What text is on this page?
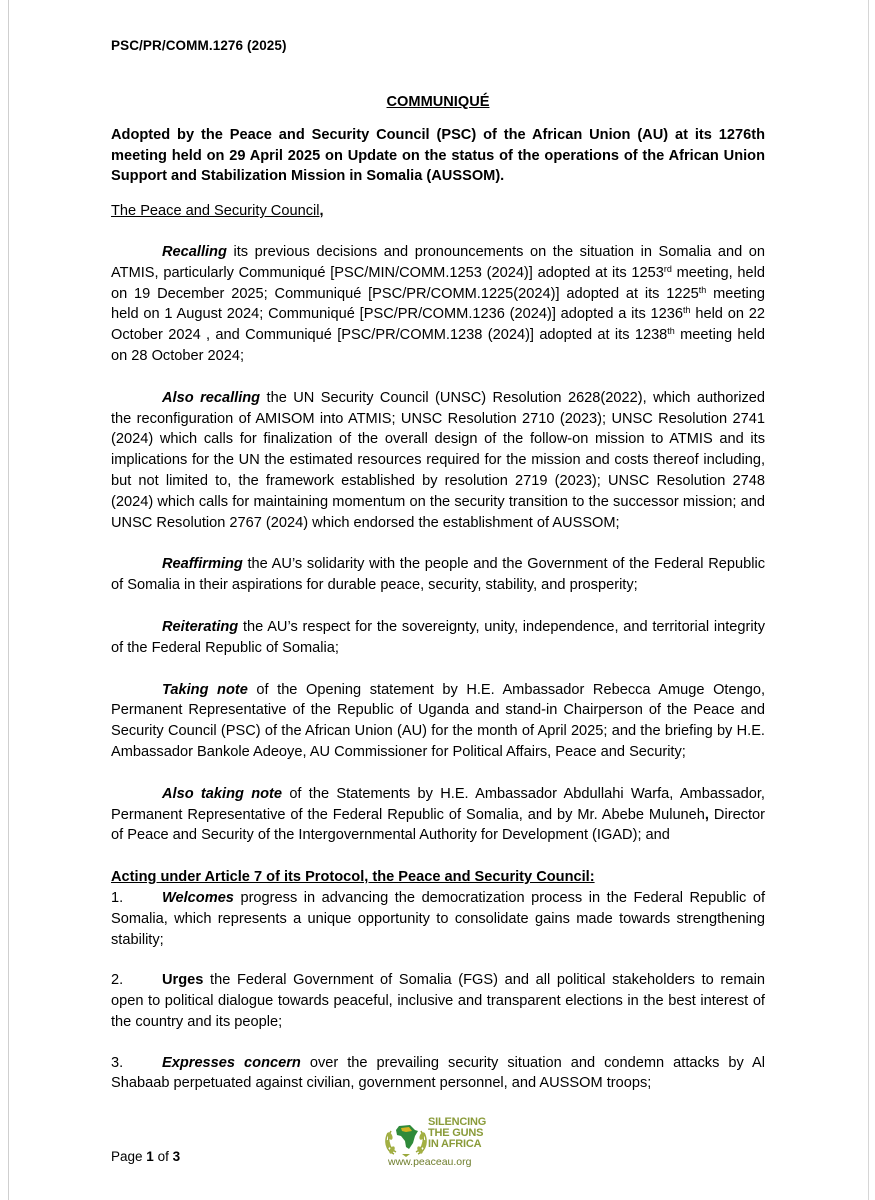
PSC/PR/COMM.1276 (2025)
COMMUNIQUÉ
Adopted by the Peace and Security Council (PSC) of the African Union (AU) at its 1276th meeting held on 29 April 2025 on Update on the status of the operations of the African Union Support and Stabilization Mission in Somalia (AUSSOM).
The Peace and Security Council,

Recalling its previous decisions and pronouncements on the situation in Somalia and on ATMIS, particularly Communiqué [PSC/MIN/COMM.1253 (2024)] adopted at its 1253rd meeting, held on 19 December 2025; Communiqué [PSC/PR/COMM.1225(2024)] adopted at its 1225th meeting held on 1 August 2024; Communiqué [PSC/PR/COMM.1236 (2024)] adopted a its 1236th held on 22 October 2024 , and Communiqué [PSC/PR/COMM.1238 (2024)] adopted at its 1238th meeting held on 28 October 2024;

Also recalling the UN Security Council (UNSC) Resolution 2628(2022), which authorized the reconfiguration of AMISOM into ATMIS; UNSC Resolution 2710 (2023); UNSC Resolution 2741 (2024) which calls for finalization of the overall design of the follow-on mission to ATMIS and its implications for the UN the estimated resources required for the mission and costs thereof including, but not limited to, the framework established by resolution 2719 (2023); UNSC Resolution 2748 (2024) which calls for maintaining momentum on the security transition to the successor mission; and UNSC Resolution 2767 (2024) which endorsed the establishment of AUSSOM;

Reaffirming the AU’s solidarity with the people and the Government of the Federal Republic of Somalia in their aspirations for durable peace, security, stability, and prosperity;

Reiterating the AU’s respect for the sovereignty, unity, independence, and territorial integrity of the Federal Republic of Somalia;

Taking note of the Opening statement by H.E. Ambassador Rebecca Amuge Otengo, Permanent Representative of the Republic of Uganda and stand-in Chairperson of the Peace and Security Council (PSC) of the African Union (AU) for the month of April 2025; and the briefing by H.E. Ambassador Bankole Adeoye, AU Commissioner for Political Affairs, Peace and Security;

Also taking note of the Statements by H.E. Ambassador Abdullahi Warfa, Ambassador, Permanent Representative of the Federal Republic of Somalia, and by Mr. Abebe Muluneh, Director of Peace and Security of the Intergovernmental Authority for Development (IGAD); and

Acting under Article 7 of its Protocol, the Peace and Security Council:
1.	Welcomes progress in advancing the democratization process in the Federal Republic of Somalia, which represents a unique opportunity to consolidate gains made towards strengthening stability;
2.	Urges the Federal Government of Somalia (FGS) and all political stakeholders to remain open to political dialogue towards peaceful, inclusive and transparent elections in the best interest of the country and its people;
3.	Expresses concern over the prevailing security situation and condemn attacks by Al Shabaab perpetuated against civilian, government personnel, and AUSSOM troops;
Page 1 of 3
SILENCING
THE GUNS
IN AFRICA
www.peaceau.org
